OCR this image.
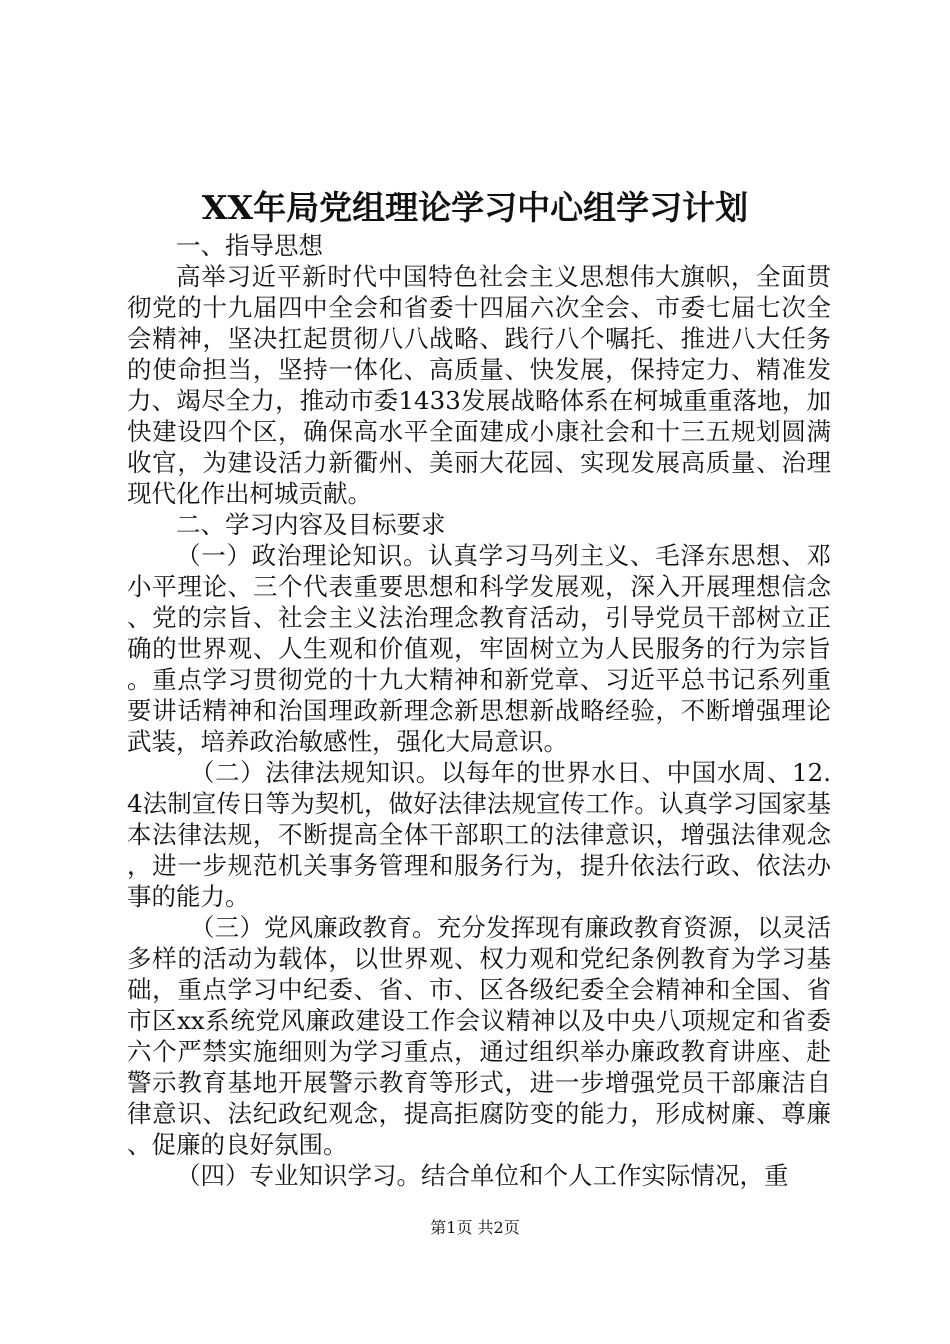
XX年局党组理论学习中心组学习计划

一、指导思想

高举习近平新时代中国特色社会主义思想伟大旗帜，全面贯彻党的十九届四中全会和省委十四届六次全会、市委七届七次全会精神，坚决扛起贯彻八八战略、践行八个嘱托、推进八大任务的使命担当，坚持一体化、高质量、快发展，保持定力、精准发力、竭尽全力，推动市委1433发展战略体系在柯城重重落地，加快建设四个区，确保高水平全面建成小康社会和十三五规划圆满收官，为建设活力新衢州、美丽大花园、实现发展高质量、治理现代化作出柯城贡献。

二、学习内容及目标要求

（一）政治理论知识。认真学习马列主义、毛泽东思想、邓小平理论、三个代表重要思想和科学发展观，深入开展理想信念、党的宗旨、社会主义法治理念教育活动，引导党员干部树立正确的世界观、人生观和价值观，牢固树立为人民服务的行为宗旨。重点学习贯彻党的十九大精神和新党章、习近平总书记系列重要讲话精神和治国理政新理念新思想新战略经验，不断增强理论武装，培养政治敏感性，强化大局意识。

（二）法律法规知识。以每年的世界水日、中国水周、12.4法制宣传日等为契机，做好法律法规宣传工作。认真学习国家基本法律法规，不断提高全体干部职工的法律意识，增强法律观念，进一步规范机关事务管理和服务行为，提升依法行政、依法办事的能力。

（三）党风廉政教育。充分发挥现有廉政教育资源，以灵活多样的活动为载体，以世界观、权力观和党纪条例教育为学习基础，重点学习中纪委、省、市、区各级纪委全会精神和全国、省市区xx系统党风廉政建设工作会议精神以及中央八项规定和省委六个严禁实施细则为学习重点，通过组织举办廉政教育讲座、赴警示教育基地开展警示教育等形式，进一步增强党员干部廉洁自律意识、法纪政纪观念，提高拒腐防变的能力，形成树廉、尊廉、促廉的良好氛围。

（四）专业知识学习。结合单位和个人工作实际情况，重

第1页 共2页
